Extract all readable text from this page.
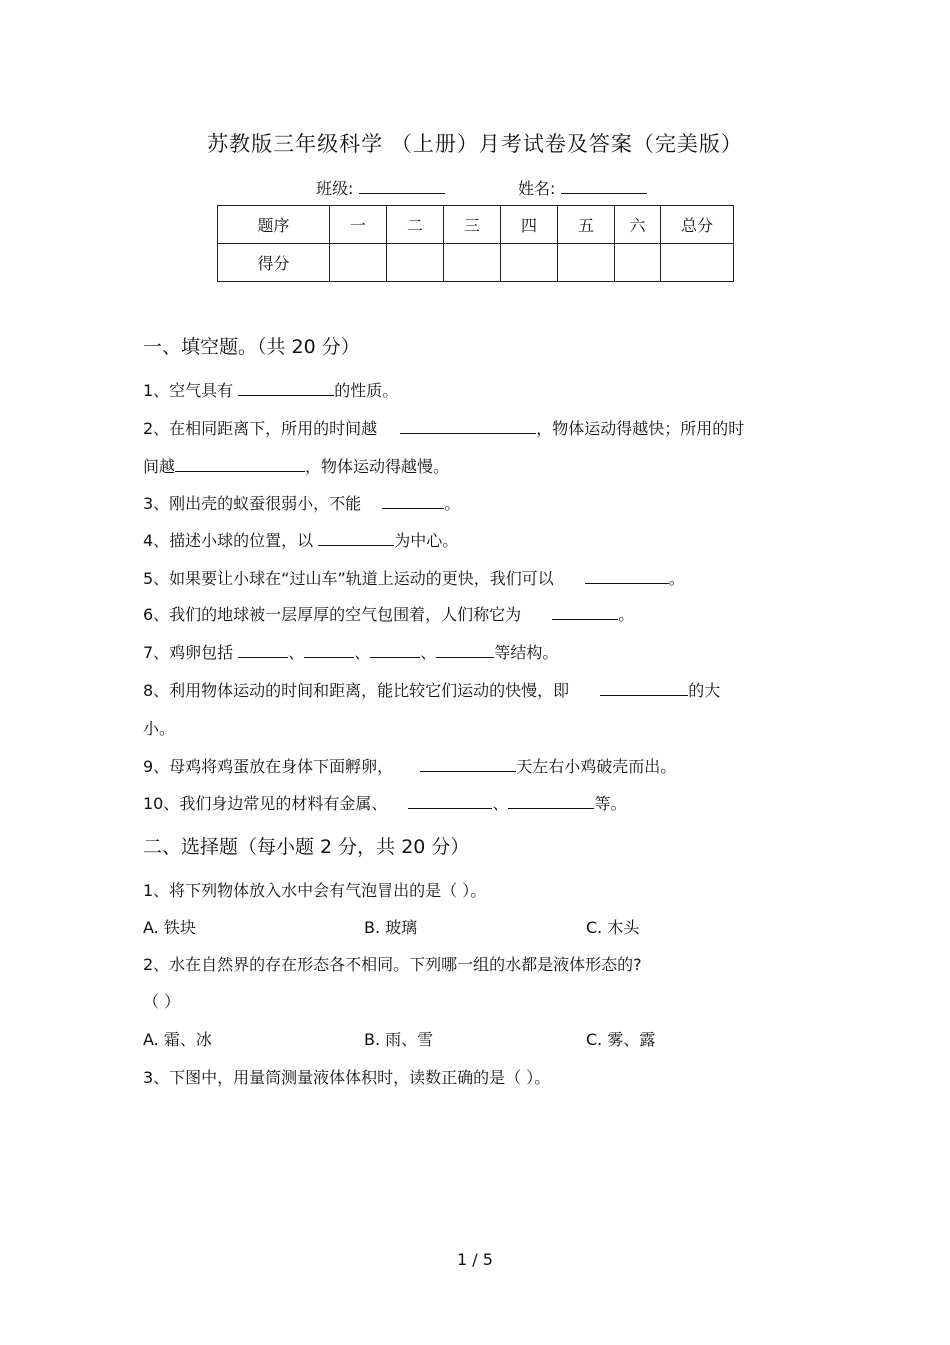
苏教版三年级科学 （上册）月考试卷及答案（完美版）
班级:	姓名:
题序	一	二	三	四	五	六	总分
得分							
一、填空题。（共 20 分）
1、空气具有	的性质。
2、在相同距离下，所用的时间越	，物体运动得越快；所用的时
间越	，物体运动得越慢。
3、刚出壳的蚁蚕很弱小，不能	。
4、描述小球的位置，以	为中心。
5、如果要让小球在“过山车”轨道上运动的更快，我们可以	。
6、我们的地球被一层厚厚的空气包围着，人们称它为	。
7、鸡卵包括	、	、	、	等结构。
8、利用物体运动的时间和距离，能比较它们运动的快慢，即	的大
小。
9、母鸡将鸡蛋放在身体下面孵卵，	天左右小鸡破壳而出。
10、我们身边常见的材料有金属、	、	等。
二、选择题（每小题 2 分，共 20 分）
1、将下列物体放入水中会有气泡冒出的是（ ）。
A. 铁块	B. 玻璃	C. 木头
2、水在自然界的存在形态各不相同。下列哪一组的水都是液体形态的?
（ ）
A. 霜、冰	B. 雨、雪	C. 雾、露
3、下图中，用量筒测量液体体积时，读数正确的是（ ）。
1 / 5
